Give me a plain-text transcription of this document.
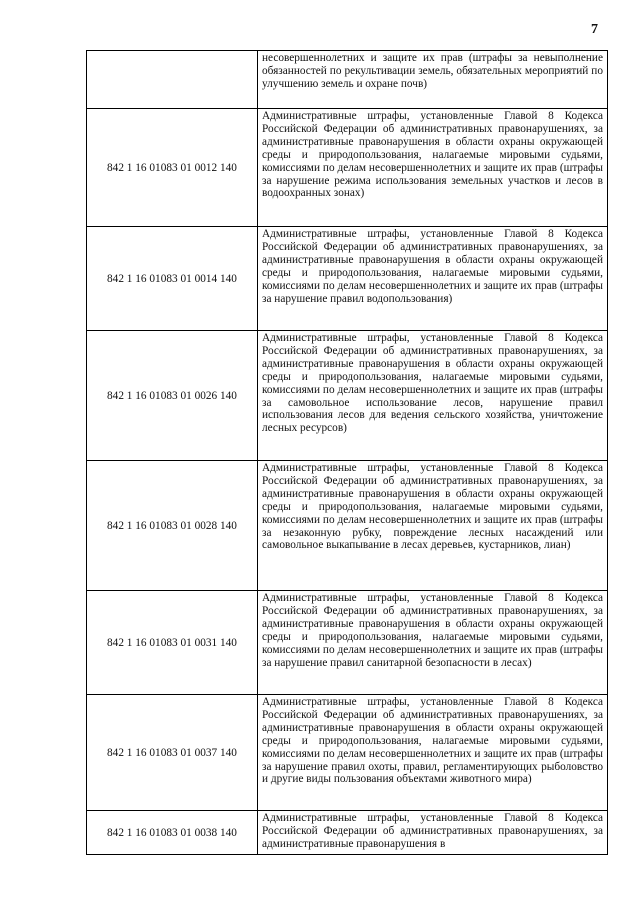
7
	несовершеннолетних и защите их прав (штрафы за невыполнение обязанностей по рекультивации земель, обязательных мероприятий по улучшению земель и охране почв)
842 1 16 01083 01 0012 140	Административные штрафы, установленные Главой 8 Кодекса Российской Федерации об административных правонарушениях, за административные правонарушения в области охраны окружающей среды и природопользования, налагаемые мировыми судьями, комиссиями по делам несовершеннолетних и защите их прав (штрафы за нарушение режима использования земельных участков и лесов в водоохранных зонах)
842 1 16 01083 01 0014 140	Административные штрафы, установленные Главой 8 Кодекса Российской Федерации об административных правонарушениях, за административные правонарушения в области охраны окружающей среды и природопользования, налагаемые мировыми судьями, комиссиями по делам несовершеннолетних и защите их прав (штрафы за нарушение правил водопользования)
842 1 16 01083 01 0026 140	Административные штрафы, установленные Главой 8 Кодекса Российской Федерации об административных правонарушениях, за административные правонарушения в области охраны окружающей среды и природопользования, налагаемые мировыми судьями, комиссиями по делам несовершеннолетних и защите их прав (штрафы за самовольное использование лесов, нарушение правил использования лесов для ведения сельского хозяйства, уничтожение лесных ресурсов)
842 1 16 01083 01 0028 140	Административные штрафы, установленные Главой 8 Кодекса Российской Федерации об административных правонарушениях, за административные правонарушения в области охраны окружающей среды и природопользования, налагаемые мировыми судьями, комиссиями по делам несовершеннолетних и защите их прав (штрафы за незаконную рубку, повреждение лесных насаждений или самовольное выкапывание в лесах деревьев, кустарников, лиан)
842 1 16 01083 01 0031 140	Административные штрафы, установленные Главой 8 Кодекса Российской Федерации об административных правонарушениях, за административные правонарушения в области охраны окружающей среды и природопользования, налагаемые мировыми судьями, комиссиями по делам несовершеннолетних и защите их прав (штрафы за нарушение правил санитарной безопасности в лесах)
842 1 16 01083 01 0037 140	Административные штрафы, установленные Главой 8 Кодекса Российской Федерации об административных правонарушениях, за административные правонарушения в области охраны окружающей среды и природопользования, налагаемые мировыми судьями, комиссиями по делам несовершеннолетних и защите их прав (штрафы за нарушение правил охоты, правил, регламентирующих рыболовство и другие виды пользования объектами животного мира)
842 1 16 01083 01 0038 140	Административные штрафы, установленные Главой 8 Кодекса Российской Федерации об административных правонарушениях, за административные правонарушения в
